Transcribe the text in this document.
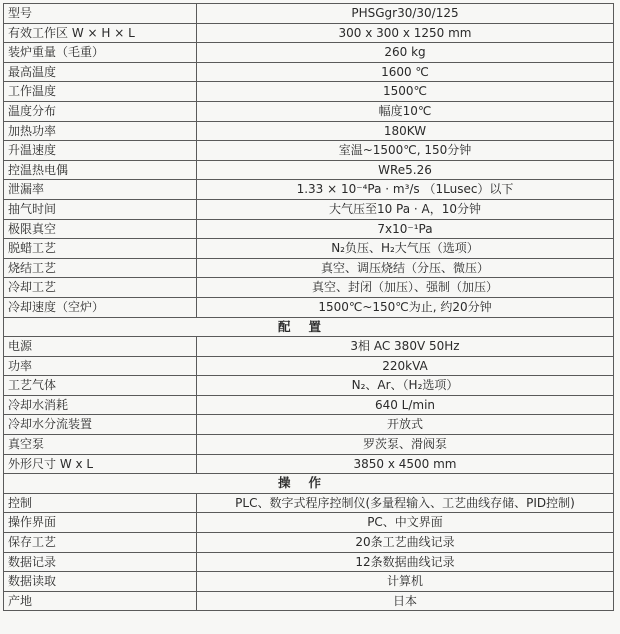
型号	PHSGgr30/30/125
有效工作区 W × H × L	300 x 300 x 1250 mm
装炉重量（毛重）	260 kg
最高温度	1600 ℃
工作温度	1500℃
温度分布	幅度10℃
加热功率	180KW
升温速度	室温~1500℃, 150分钟
控温热电偶	WRe5.26
泄漏率	1.33 × 10⁻⁴Pa · m³/s （1Lusec）以下
抽气时间	大气压至10 Pa · A，10分钟
极限真空	7x10⁻¹Pa
脱蜡工艺	N₂负压、H₂大气压（选项）
烧结工艺	真空、调压烧结（分压、微压）
冷却工艺	真空、封闭（加压）、强制（加压）
冷却速度（空炉）	1500℃~150℃为止, 约20分钟
配置	
电源	3相 AC 380V 50Hz
功率	220kVA
工艺气体	N₂、Ar、（H₂选项）
冷却水消耗	640 L/min
冷却水分流装置	开放式
真空泵	罗茨泵、滑阀泵
外形尺寸 W x L	3850 x 4500 mm
操作	
控制	PLC、数字式程序控制仪(多量程输入、工艺曲线存储、PID控制)
操作界面	PC、中文界面
保存工艺	20条工艺曲线记录
数据记录	12条数据曲线记录
数据读取	计算机
产地	日本
